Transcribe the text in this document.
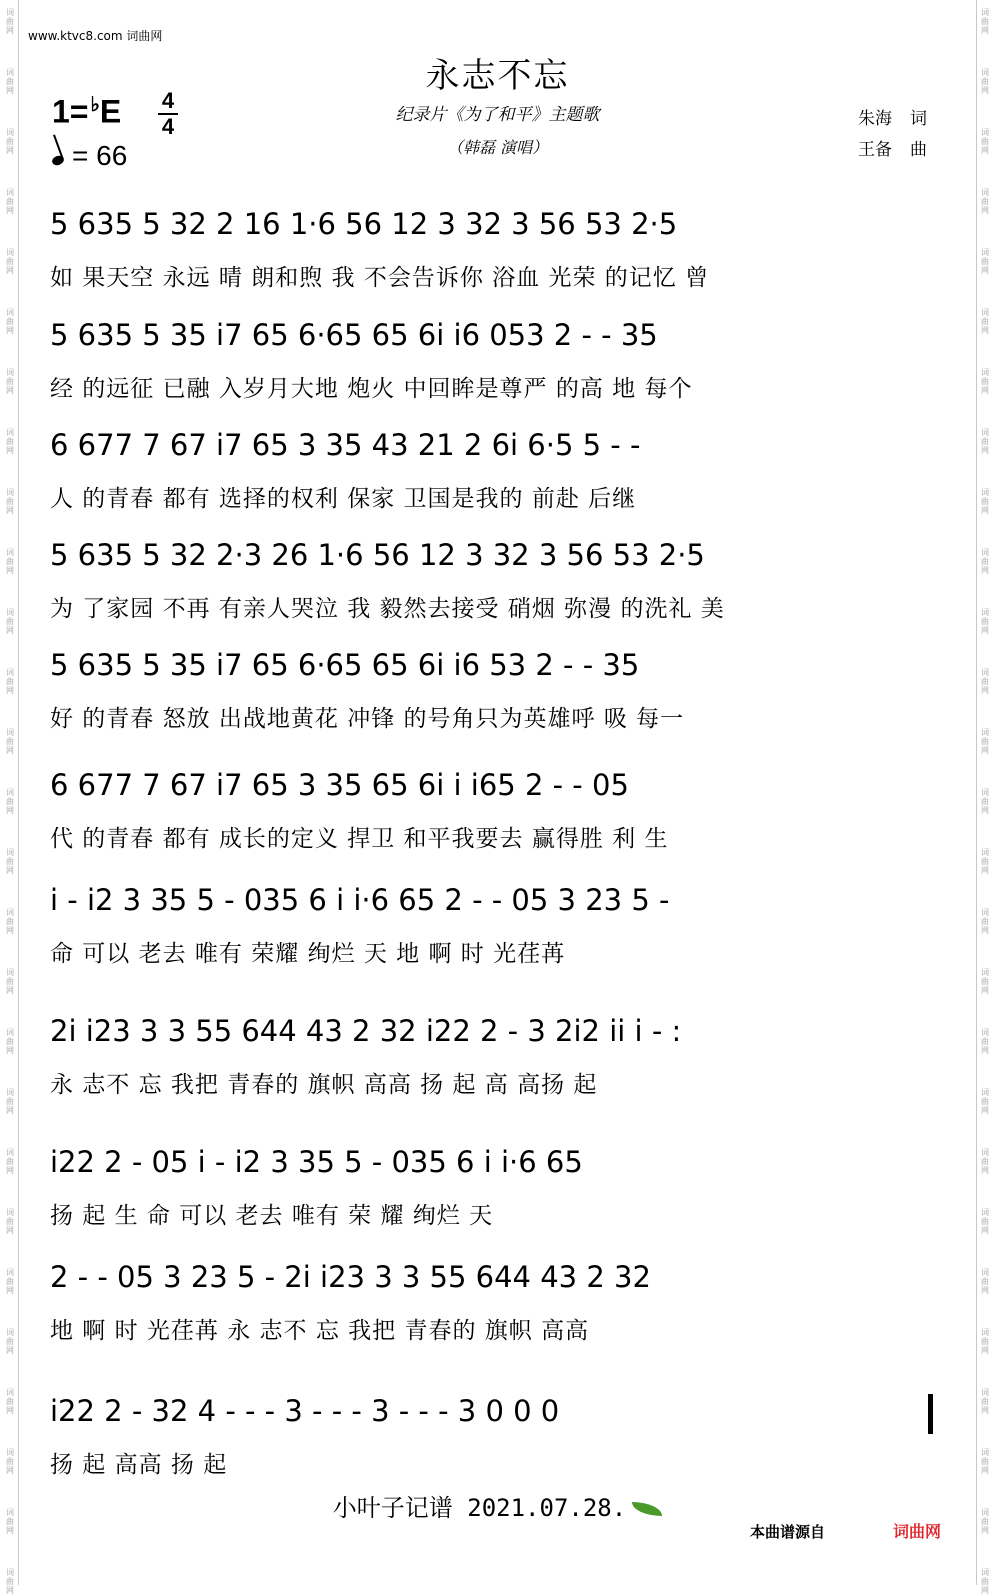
词
曲
网
词
曲
网
词
曲
网
词
曲
网
词
曲
网
词
曲
网
词
曲
网
词
曲
网
词
曲
网
词
曲
网
词
曲
网
词
曲
网
词
曲
网
词
曲
网
词
曲
网
词
曲
网
词
曲
网
词
曲
网
词
曲
网
词
曲
网
词
曲
网
词
曲
网
词
曲
网
词
曲
网
词
曲
网
词
曲
网
词
曲
网
词
曲
网
词
曲
网
词
曲
网
词
曲
网
词
曲
网
词
曲
网
词
曲
网
词
曲
网
词
曲
网
词
曲
网
词
曲
网
词
曲
网
词
曲
网
词
曲
网
词
曲
网
词
曲
网
词
曲
网
词
曲
网
词
曲
网
词
曲
网
词
曲
网
词
曲
网
词
曲
网
词
曲
网
词
曲
网
词
曲
网
词
曲
网
www.ktvc8.com 词曲网
永志不忘
纪录片《为了和平》主题歌
（韩磊 演唱）
朱海 词
王备 曲
1= ♭E 4
4
= 66
5 635 5 32 2 16 1·6 56 12 3 32 3 56 53 2·5
如 果天空 永远 晴 朗和煦 我 不会告诉你 浴血 光荣 的记忆 曾
5 635 5 35 i7 65 6·65 65 6i i6 053 2 - - 35
经 的远征 已融 入岁月大地 炮火 中回眸是尊严 的高 地 每个
6 677 7 67 i7 65 3 35 43 21 2 6i 6·5 5 - -
人 的青春 都有 选择的权利 保家 卫国是我的 前赴 后继
5 635 5 32 2·3 26 1·6 56 12 3 32 3 56 53 2·5
为 了家园 不再 有亲人哭泣 我 毅然去接受 硝烟 弥漫 的洗礼 美
5 635 5 35 i7 65 6·65 65 6i i6 53 2 - - 35
好 的青春 怒放 出战地黄花 冲锋 的号角只为英雄呼 吸 每一
6 677 7 67 i7 65 3 35 65 6i i i65 2 - - 05
代 的青春 都有 成长的定义 捍卫 和平我要去 赢得胜 利 生
i - i2 3 35 5 - 035 6 i i·6 65 2 - - 05 3 23 5 -
命 可以 老去 唯有 荣耀 绚烂 天 地 啊 时 光荏苒
2i i23 3 3 55 644 43 2 32 i22 2 - 3 2i2 ii i - :
永 志不 忘 我把 青春的 旗帜 高高 扬 起 高 高扬 起
i22 2 - 05 i - i2 3 35 5 - 035 6 i i·6 65
扬 起 生 命 可以 老去 唯有 荣 耀 绚烂 天
2 - - 05 3 23 5 - 2i i23 3 3 55 644 43 2 32
地 啊 时 光荏苒 永 志不 忘 我把 青春的 旗帜 高高
i22 2 - 32 4 - - - 3 - - - 3 - - - 3 0 0 0
扬 起 高高 扬 起
小叶子记谱 2021.07.28.
本曲谱源自	词曲网
